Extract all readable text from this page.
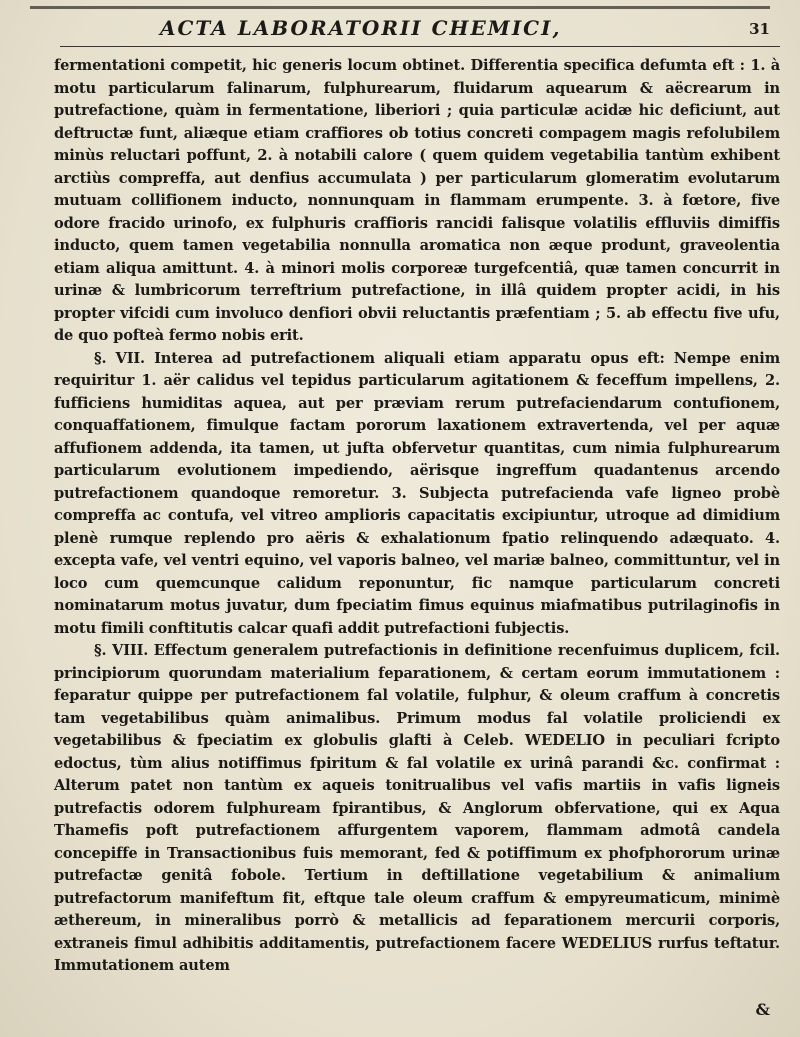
ACTA LABORATORII CHEMICI,	31

fermentationi competit, hic generis locum obtinet. Differentia specifica defumta eft : 1. à motu particularum falinarum, fulphurearum, fluidarum aquearum & aëcrearum in putrefactione, quàm in fermentatione, liberiori ; quia particulæ acidæ hic deficiunt, aut deftructæ funt, aliæque etiam craffiores ob totius concreti compagem magis refolubilem minùs reluctari poffunt, 2. à notabili calore ( quem quidem vegetabilia tantùm exhibent arctiùs compreffa, aut denfius accumulata ) per particularum glomeratim evolutarum mutuam collifionem inducto, nonnunquam in flammam erumpente. 3. à fœtore, five odore fracido urinofo, ex fulphuris craffioris rancidi falisque volatilis effluviis dimiffis inducto, quem tamen vegetabilia nonnulla aromatica non æque produnt, graveolentia etiam aliqua amittunt. 4. à minori molis corporeæ turgefcentiâ, quæ tamen concurrit in urinæ & lumbricorum terreftrium putrefactione, in illâ quidem propter acidi, in his propter vifcidi cum involuco denfiori obvii reluctantis præfentiam ; 5. ab effectu five ufu, de quo pofteà fermo nobis erit.

§. VII. Interea ad putrefactionem aliquali etiam apparatu opus eft: Nempe enim requiritur 1. aër calidus vel tepidus particularum agitationem & feceffum impellens, 2. fufficiens humiditas aquea, aut per præviam rerum putrefaciendarum contufionem, conquaffationem, fimulque factam pororum laxationem extravertenda, vel per aquæ affufionem addenda, ita tamen, ut jufta obfervetur quantitas, cum nimia fulphurearum particularum evolutionem impediendo, aërisque ingreffum quadantenus arcendo putrefactionem quandoque remoretur. 3. Subjecta putrefacienda vafe ligneo probè compreffa ac contufa, vel vitreo amplioris capacitatis excipiuntur, utroque ad dimidium plenè rumque replendo pro aëris & exhalationum fpatio relinquendo adæquato. 4. excepta vafe, vel ventri equino, vel vaporis balneo, vel mariæ balneo, committuntur, vel in loco cum quemcunque calidum reponuntur, fic namque particularum concreti nominatarum motus juvatur, dum fpeciatim fimus equinus miafmatibus putrilaginofis in motu fimili conftitutis calcar quafi addit putrefactioni fubjectis.

§. VIII. Effectum generalem putrefactionis in definitione recenfuimus duplicem, fcil. principiorum quorundam materialium feparationem, & certam eorum immutationem : feparatur quippe per putrefactionem fal volatile, fulphur, & oleum craffum à concretis tam vegetabilibus quàm animalibus. Primum modus fal volatile proliciendi ex vegetabilibus & fpeciatim ex globulis glafti à Celeb. WEDELIO in peculiari fcripto edoctus, tùm alius notiffimus fpiritum & fal volatile ex urinâ parandi &c. confirmat : Alterum patet non tantùm ex aqueis tonitrualibus vel vafis martiis in vafis ligneis putrefactis odorem fulphuream fpirantibus, & Anglorum obfervatione, qui ex Aqua Thamefis poft putrefactionem affurgentem vaporem, flammam admotâ candela concepiffe in Transactionibus fuis memorant, fed & potiffimum ex phofphororum urinæ putrefactæ genitâ fobole. Tertium in deftillatione vegetabilium & animalium putrefactorum manifeftum fit, eftque tale oleum craffum & empyreumaticum, minimè æthereum, in mineralibus porrò & metallicis ad feparationem mercurii corporis, extraneis fimul adhibitis additamentis, putrefactionem facere WEDELIUS rurfus teftatur. Immutationem autem

&
